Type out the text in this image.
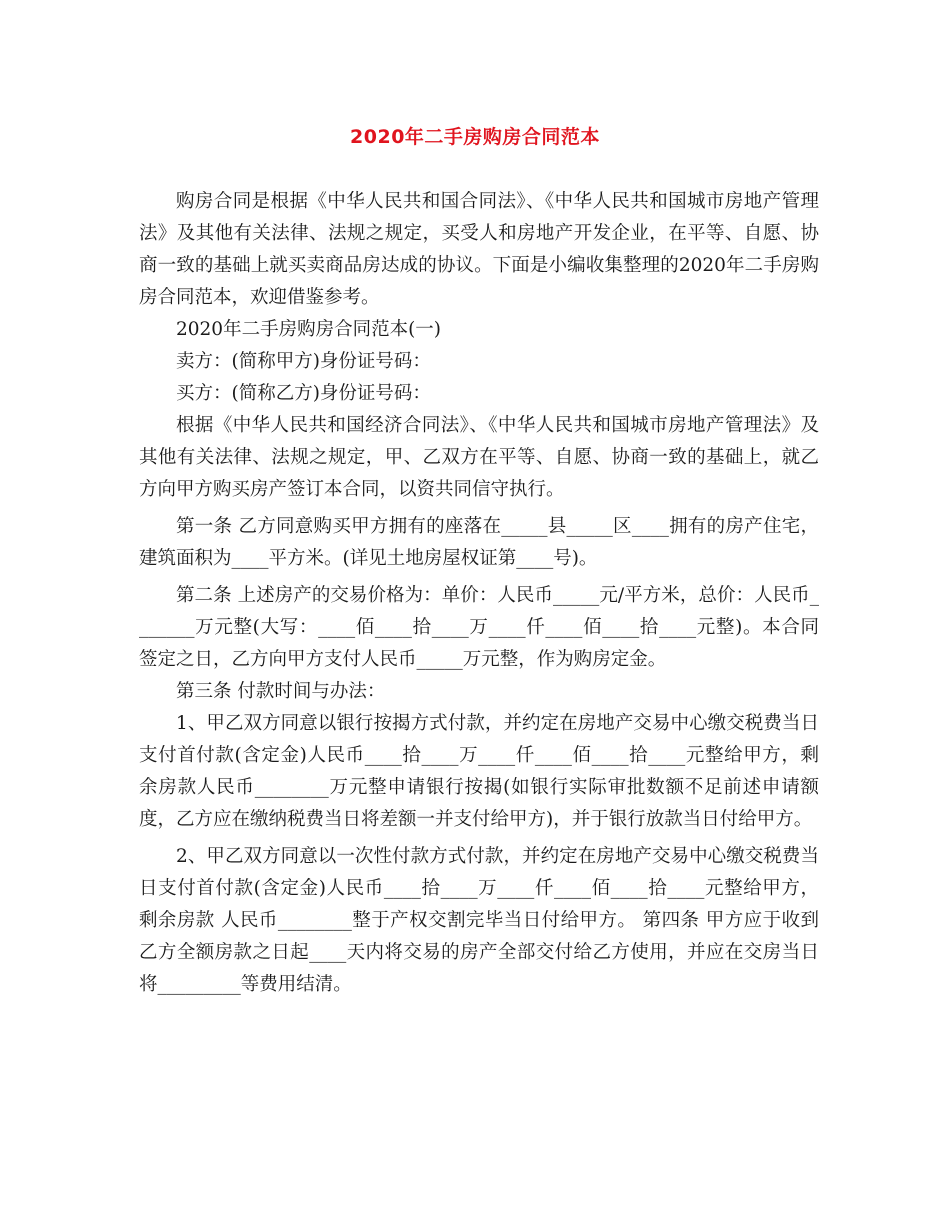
2020年二手房购房合同范本

购房合同是根据《中华人民共和国合同法》、《中华人民共和国城市房地产管理法》及其他有关法律、法规之规定，买受人和房地产开发企业，在平等、自愿、协商一致的基础上就买卖商品房达成的协议。下面是小编收集整理的2020年二手房购房合同范本，欢迎借鉴参考。

2020年二手房购房合同范本(一)

卖方：(简称甲方)身份证号码：

买方：(简称乙方)身份证号码：

根据《中华人民共和国经济合同法》、《中华人民共和国城市房地产管理法》及其他有关法律、法规之规定，甲、乙双方在平等、自愿、协商一致的基础上，就乙方向甲方购买房产签订本合同，以资共同信守执行。

第一条 乙方同意购买甲方拥有的座落在_____县_____区____拥有的房产住宅，建筑面积为____平方米。(详见土地房屋权证第____号)。

第二条 上述房产的交易价格为：单价：人民币_____元/平方米，总价：人民币_______万元整(大写：____佰____拾____万____仟____佰____拾____元整)。本合同签定之日，乙方向甲方支付人民币_____万元整，作为购房定金。

第三条 付款时间与办法：

1、甲乙双方同意以银行按揭方式付款，并约定在房地产交易中心缴交税费当日支付首付款(含定金)人民币____拾____万____仟____佰____拾____元整给甲方，剩余房款人民币________万元整申请银行按揭(如银行实际审批数额不足前述申请额度，乙方应在缴纳税费当日将差额一并支付给甲方)，并于银行放款当日付给甲方。

2、甲乙双方同意以一次性付款方式付款，并约定在房地产交易中心缴交税费当日支付首付款(含定金)人民币____拾____万____仟____佰____拾____元整给甲方，剩余房款 人民币________整于产权交割完毕当日付给甲方。 第四条 甲方应于收到乙方全额房款之日起____天内将交易的房产全部交付给乙方使用，并应在交房当日将_________等费用结清。
